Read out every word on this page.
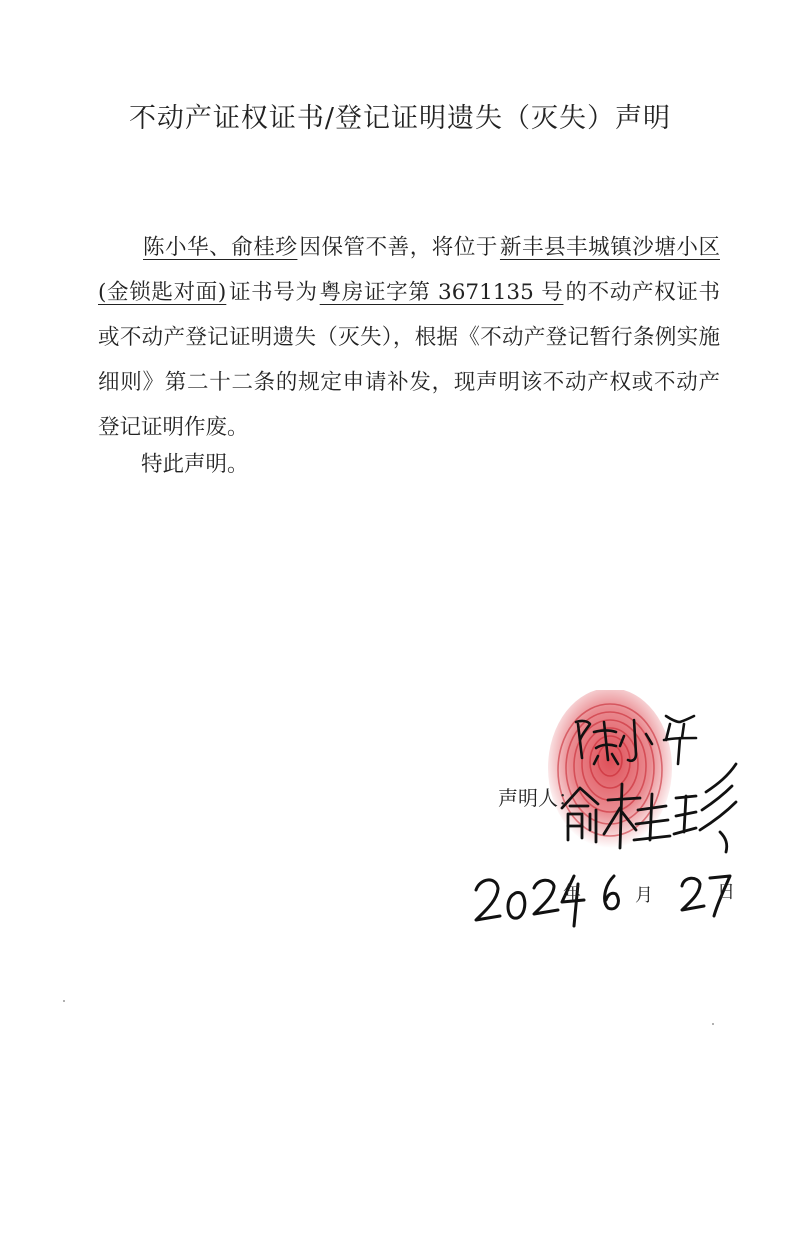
不动产证权证书/登记证明遗失（灭失）声明

陈小华、俞桂珍因保管不善，将位于新丰县丰城镇沙塘小区(金锁匙对面)证书号为粤房证字第 3671135 号的不动产权证书或不动产登记证明遗失（灭失），根据《不动产登记暂行条例实施细则》第二十二条的规定申请补发，现声明该不动产权或不动产登记证明作废。

特此声明。
声明人：
年	月	日
